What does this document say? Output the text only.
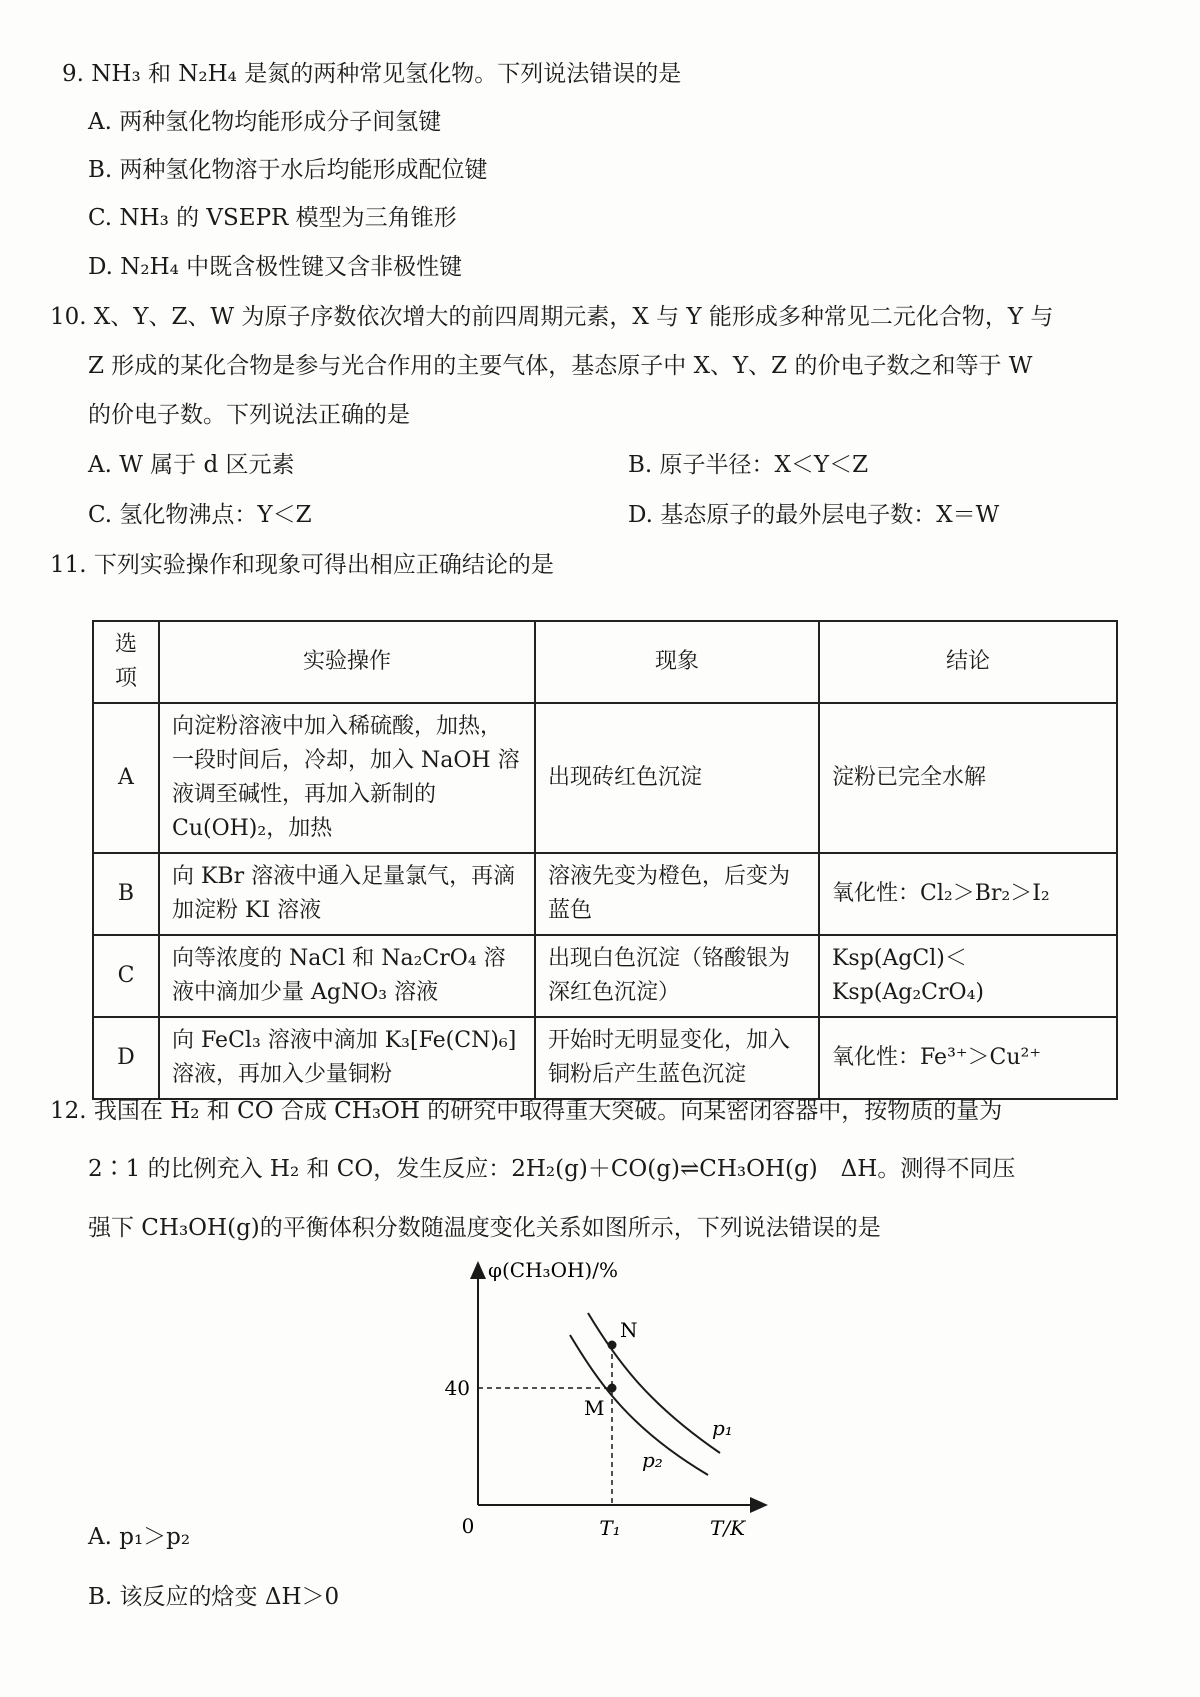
9. NH₃ 和 N₂H₄ 是氮的两种常见氢化物。下列说法错误的是
A. 两种氢化物均能形成分子间氢键
B. 两种氢化物溶于水后均能形成配位键
C. NH₃ 的 VSEPR 模型为三角锥形
D. N₂H₄ 中既含极性键又含非极性键
10. X、Y、Z、W 为原子序数依次增大的前四周期元素，X 与 Y 能形成多种常见二元化合物，Y 与
Z 形成的某化合物是参与光合作用的主要气体，基态原子中 X、Y、Z 的价电子数之和等于 W
的价电子数。下列说法正确的是
A. W 属于 d 区元素	B. 原子半径：X＜Y＜Z
C. 氢化物沸点：Y＜Z	D. 基态原子的最外层电子数：X＝W
11. 下列实验操作和现象可得出相应正确结论的是
选项	实验操作	现象	结论
A	向淀粉溶液中加入稀硫酸，加热，一段时间后，冷却，加入 NaOH 溶液调至碱性，再加入新制的 Cu(OH)₂，加热	出现砖红色沉淀	淀粉已完全水解
B	向 KBr 溶液中通入足量氯气，再滴加淀粉 KI 溶液	溶液先变为橙色，后变为蓝色	氧化性：Cl₂＞Br₂＞I₂
C	向等浓度的 NaCl 和 Na₂CrO₄ 溶液中滴加少量 AgNO₃ 溶液	出现白色沉淀（铬酸银为深红色沉淀）	Ksp(AgCl)＜Ksp(Ag₂CrO₄)
D	向 FeCl₃ 溶液中滴加 K₃[Fe(CN)₆] 溶液，再加入少量铜粉	开始时无明显变化，加入铜粉后产生蓝色沉淀	氧化性：Fe³⁺＞Cu²⁺
12. 我国在 H₂ 和 CO 合成 CH₃OH 的研究中取得重大突破。向某密闭容器中，按物质的量为
2∶1 的比例充入 H₂ 和 CO，发生反应：2H₂(g)＋CO(g)⇌CH₃OH(g)　ΔH。测得不同压
强下 CH₃OH(g)的平衡体积分数随温度变化关系如图所示，下列说法错误的是
φ(CH₃OH)/%
T/K
0
40
T₁
N
M
p₁
p₂
A. p₁＞p₂
B. 该反应的焓变 ΔH＞0
